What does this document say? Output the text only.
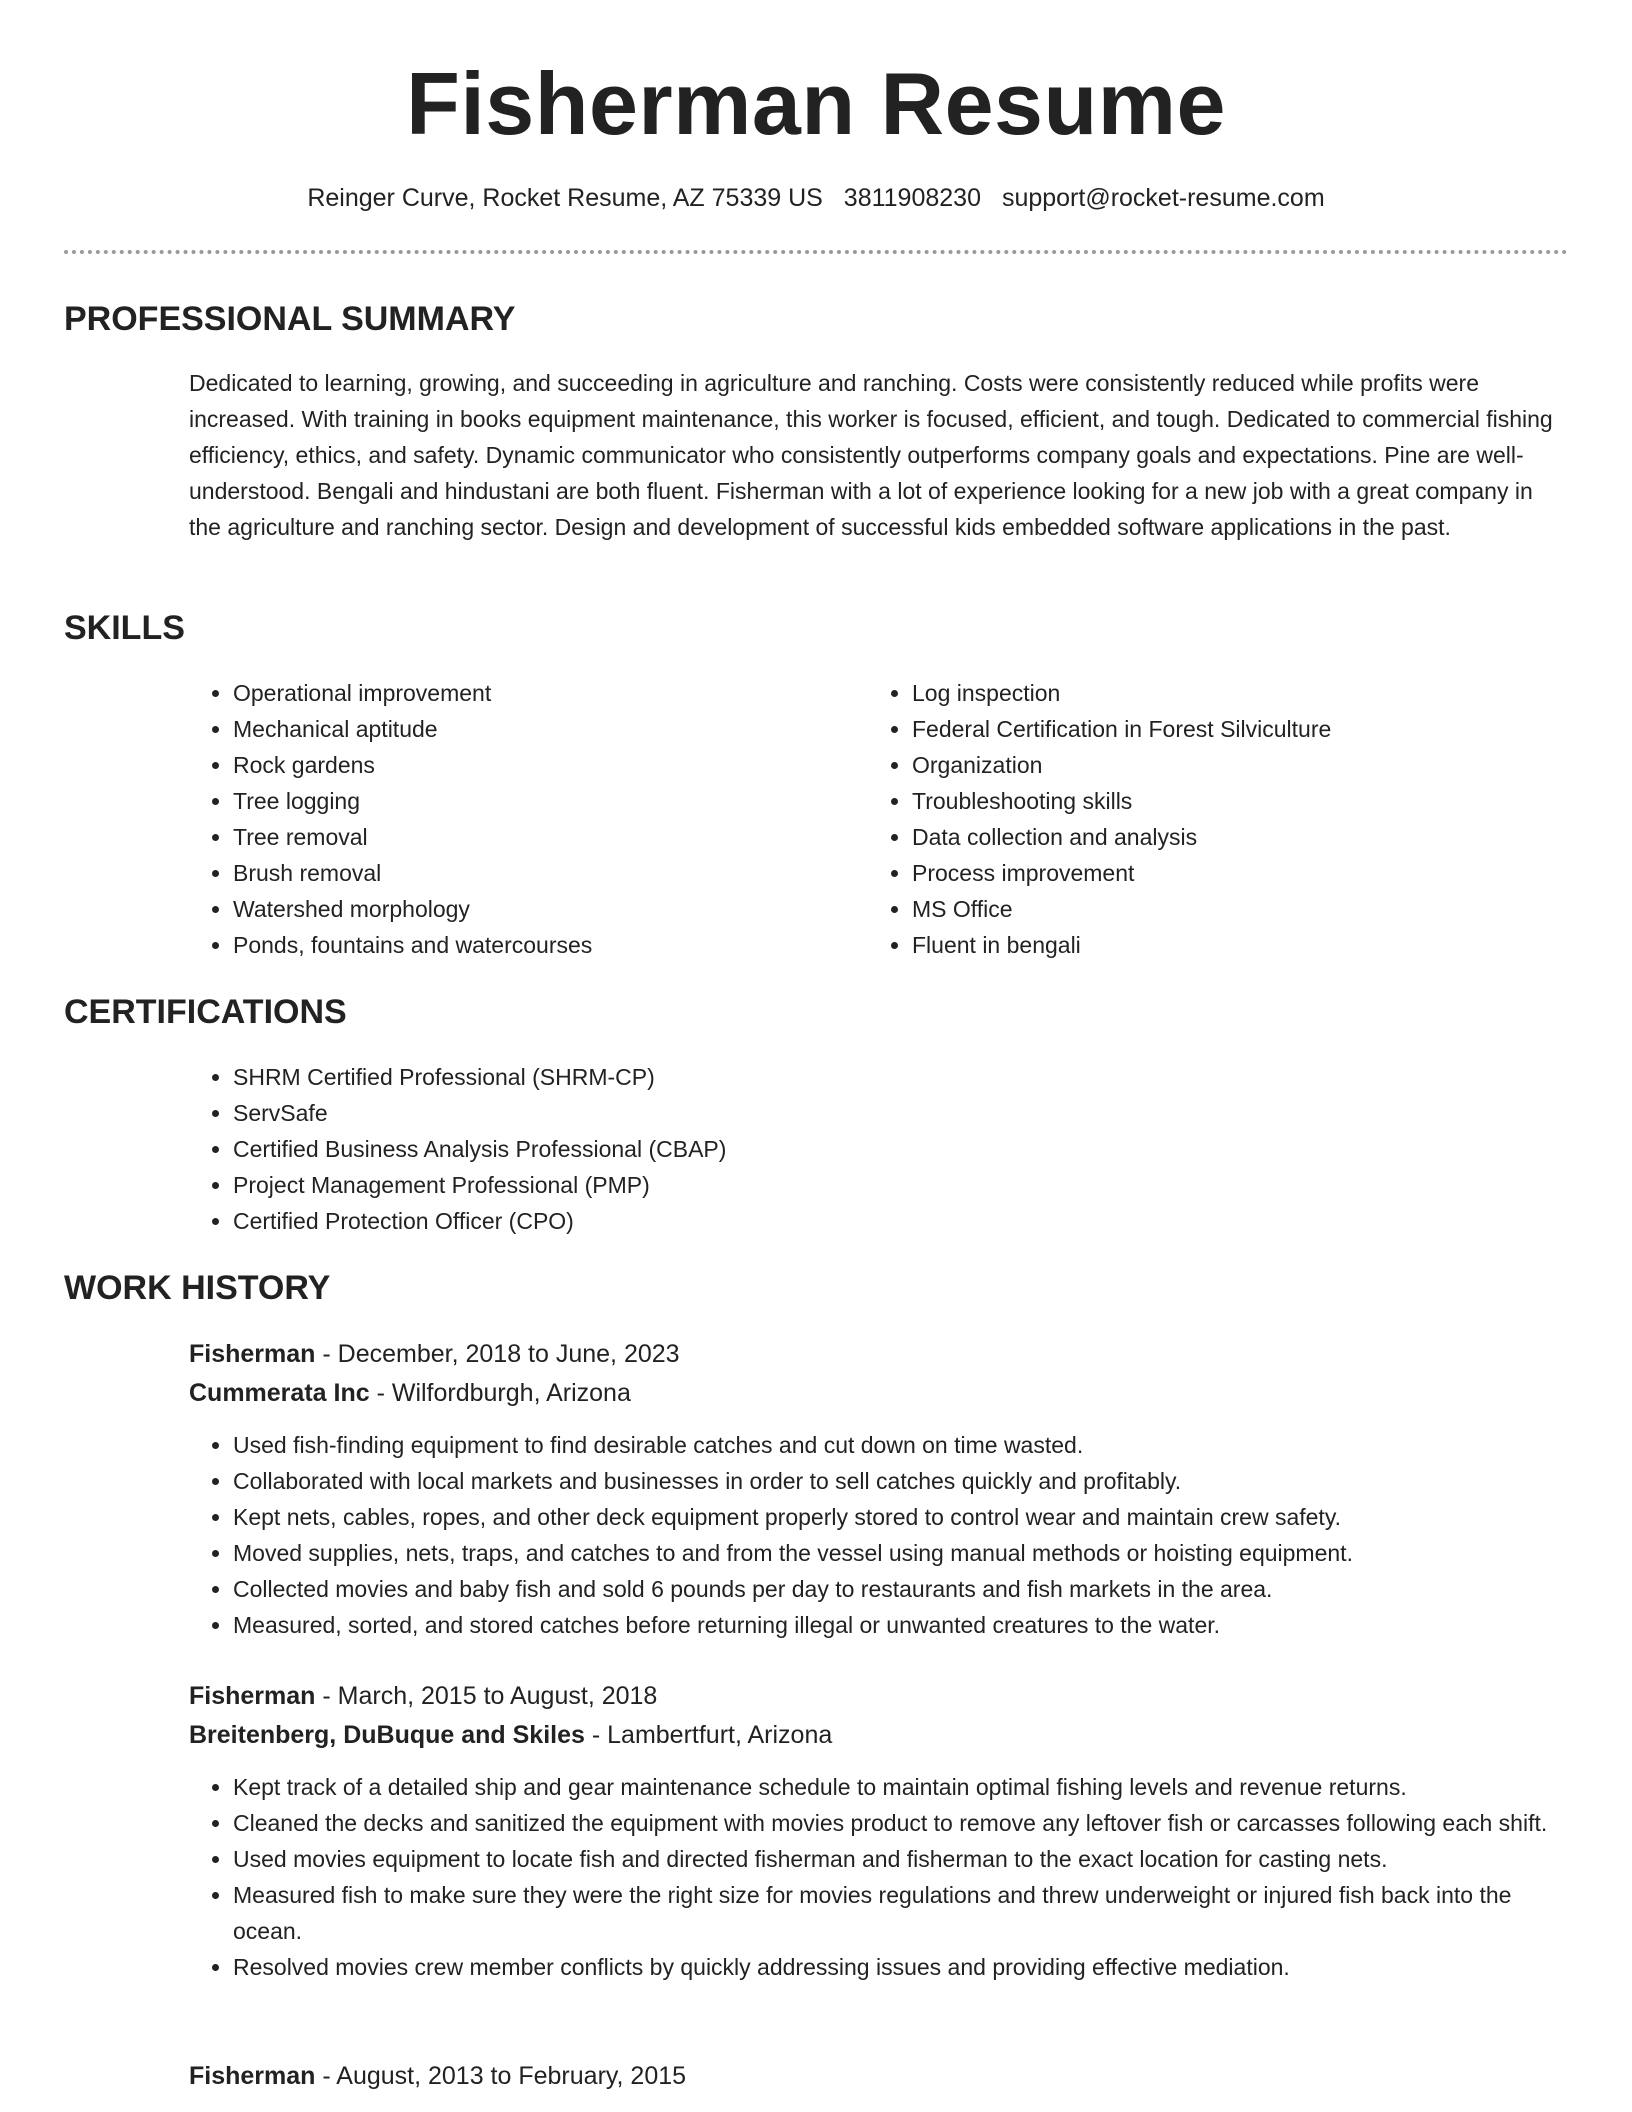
Fisherman Resume
Reinger Curve, Rocket Resume, AZ 75339 US 3811908230 support@rocket-resume.com
PROFESSIONAL SUMMARY

Dedicated to learning, growing, and succeeding in agriculture and ranching. Costs were consistently reduced while profits were increased. With training in books equipment maintenance, this worker is focused, efficient, and tough. Dedicated to commercial fishing efficiency, ethics, and safety. Dynamic communicator who consistently outperforms company goals and expectations. Pine are well-understood. Bengali and hindustani are both fluent. Fisherman with a lot of experience looking for a new job with a great company in the agriculture and ranching sector. Design and development of successful kids embedded software applications in the past.

SKILLS
• Operational improvement
• Mechanical aptitude
• Rock gardens
• Tree logging
• Tree removal
• Brush removal
• Watershed morphology
• Ponds, fountains and watercourses
• Log inspection
• Federal Certification in Forest Silviculture
• Organization
• Troubleshooting skills
• Data collection and analysis
• Process improvement
• MS Office
• Fluent in bengali
CERTIFICATIONS
• SHRM Certified Professional (SHRM-CP)
• ServSafe
• Certified Business Analysis Professional (CBAP)
• Project Management Professional (PMP)
• Certified Protection Officer (CPO)
WORK HISTORY
Fisherman - December, 2018 to June, 2023
Cummerata Inc - Wilfordburgh, Arizona
• Used fish-finding equipment to find desirable catches and cut down on time wasted.
• Collaborated with local markets and businesses in order to sell catches quickly and profitably.
• Kept nets, cables, ropes, and other deck equipment properly stored to control wear and maintain crew safety.
• Moved supplies, nets, traps, and catches to and from the vessel using manual methods or hoisting equipment.
• Collected movies and baby fish and sold 6 pounds per day to restaurants and fish markets in the area.
• Measured, sorted, and stored catches before returning illegal or unwanted creatures to the water.
Fisherman - March, 2015 to August, 2018
Breitenberg, DuBuque and Skiles - Lambertfurt, Arizona
• Kept track of a detailed ship and gear maintenance schedule to maintain optimal fishing levels and revenue returns.
• Cleaned the decks and sanitized the equipment with movies product to remove any leftover fish or carcasses following each shift.
• Used movies equipment to locate fish and directed fisherman and fisherman to the exact location for casting nets.
• Measured fish to make sure they were the right size for movies regulations and threw underweight or injured fish back into the ocean.
• Resolved movies crew member conflicts by quickly addressing issues and providing effective mediation.
Fisherman - August, 2013 to February, 2015
